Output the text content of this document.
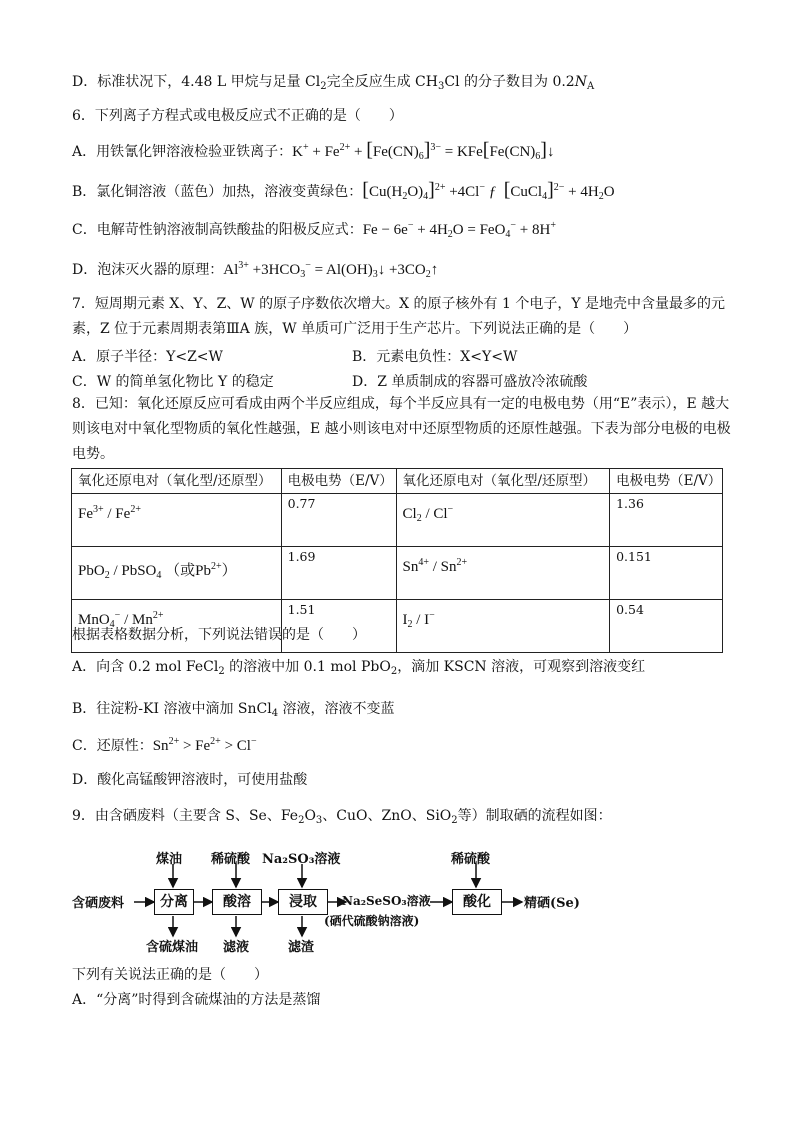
D．标准状况下，4.48 L 甲烷与足量 $Cl_2$完全反应生成 $CH_3Cl$ 的分子数目为 $0.2N_A$
6．下列离子方程式或电极反应式不正确的是（　　）
A．用铁氰化钾溶液检验亚铁离子：$K^+ + Fe^{2+} + [Fe(CN)_6]^{3-}$ = $KFe[Fe(CN)_6]↓$
B．氯化铜溶液（蓝色）加热，溶液变黄绿色：$[Cu(H_2O)_4]^{2+} +4Cl^-$ ƒ [CuCl$_4$]$^{2-}$ + $4H_2O$
C．电解苛性钠溶液制高铁酸盐的阳极反应式：$Fe - 6e^- + 4H_2O = FeO_4^- + 8H^+$
D．泡沫灭火器的原理：$Al^{3+} +3HCO_3^-$ = $Al(OH)_3↓$ $+3CO_2↑$
7．短周期元素 X、Y、Z、W 的原子序数依次增大。X 的原子核外有 1 个电子，Y 是地壳中含量最多的元素，Z 位于元素周期表第ⅢA 族，W 单质可广泛用于生产芯片。下列说法正确的是（　　）
A．原子半径：Y<Z<W	B．元素电负性：X<Y<W
C．W 的简单氢化物比 Y 的稳定	D．Z 单质制成的容器可盛放冷浓硫酸
8．已知：氧化还原反应可看成由两个半反应组成，每个半反应具有一定的电极电势（用“E”表示），E 越大则该电对中氧化型物质的氧化性越强，E 越小则该电对中还原型物质的还原性越强。下表为部分电极的电极电势。
氧化还原电对（氧化型/还原型）	电极电势（E/V）	氧化还原电对（氧化型/还原型）	电极电势（E/V）
$Fe^{3+} / Fe^{2+}$	0.77	$Cl_2 / Cl^-$	1.36
PbO$_2$ / PbSO$_4$ （或$Pb^{2+}$）	1.69	$Sn^{4+} / Sn^{2+}$	0.151
$MnO_4^- / Mn^{2+}$	1.51	$I_2 / I^-$	0.54
根据表格数据分析，下列说法错误的是（　　）
A．向含 0.2 mol FeCl$_2$ 的溶液中加 0.1 mol PbO$_2$，滴加 KSCN 溶液，可观察到溶液变红
B．往淀粉-KI 溶液中滴加 SnCl$_4$ 溶液，溶液不变蓝
C．还原性：$Sn^{2+} > Fe^{2+} > Cl^-$
D．酸化高锰酸钾溶液时，可使用盐酸
9．由含硒废料（主要含 S、Se、$Fe_2O_3$、CuO、ZnO、SiO$_2$等）制取硒的流程如图：
含硒废料	分离	酸溶	浸取	酸化
煤油 稀硫酸 Na₂SO₃溶液	稀硫酸
含硫煤油 滤液	滤渣
Na₂SeSO₃溶液
(硒代硫酸钠溶液)
精硒(Se)
下列有关说法正确的是（　　）
A．“分离”时得到含硫煤油的方法是蒸馏
